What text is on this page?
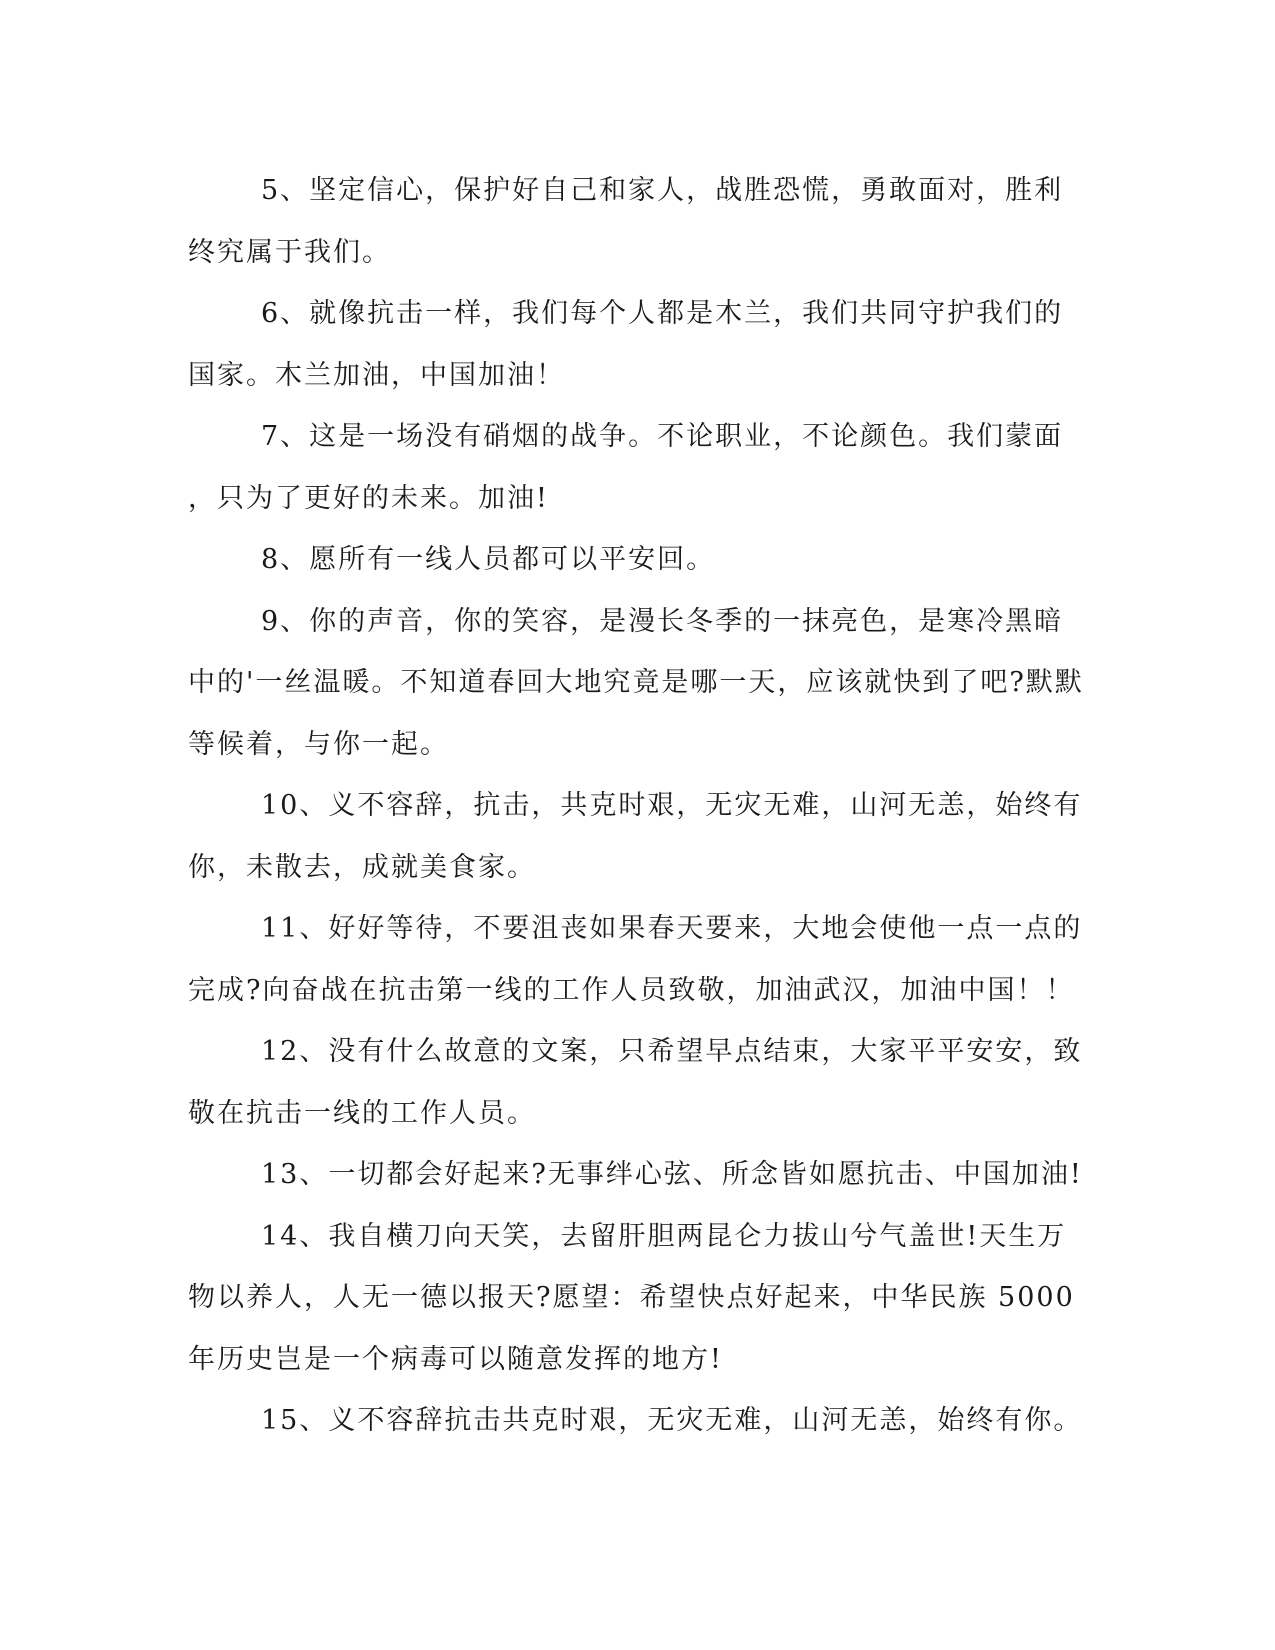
5、坚定信心，保护好自己和家人，战胜恐慌，勇敢面对，胜利
终究属于我们。
6、就像抗击一样，我们每个人都是木兰，我们共同守护我们的
国家。木兰加油，中国加油！
7、这是一场没有硝烟的战争。不论职业，不论颜色。我们蒙面
，只为了更好的未来。加油!
8、愿所有一线人员都可以平安回。
9、你的声音，你的笑容，是漫长冬季的一抹亮色，是寒冷黑暗
中的'一丝温暖。不知道春回大地究竟是哪一天，应该就快到了吧?默默
等候着，与你一起。
10、义不容辞，抗击，共克时艰，无灾无难，山河无恙，始终有
你，未散去，成就美食家。
11、好好等待，不要沮丧如果春天要来，大地会使他一点一点的
完成?向奋战在抗击第一线的工作人员致敬，加油武汉，加油中国！！
12、没有什么故意的文案，只希望早点结束，大家平平安安，致
敬在抗击一线的工作人员。
13、一切都会好起来?无事绊心弦、所念皆如愿抗击、中国加油!
14、我自横刀向天笑，去留肝胆两昆仑力拔山兮气盖世!天生万
物以养人，人无一德以报天?愿望：希望快点好起来，中华民族 5000
年历史岂是一个病毒可以随意发挥的地方!
15、义不容辞抗击共克时艰，无灾无难，山河无恙，始终有你。
